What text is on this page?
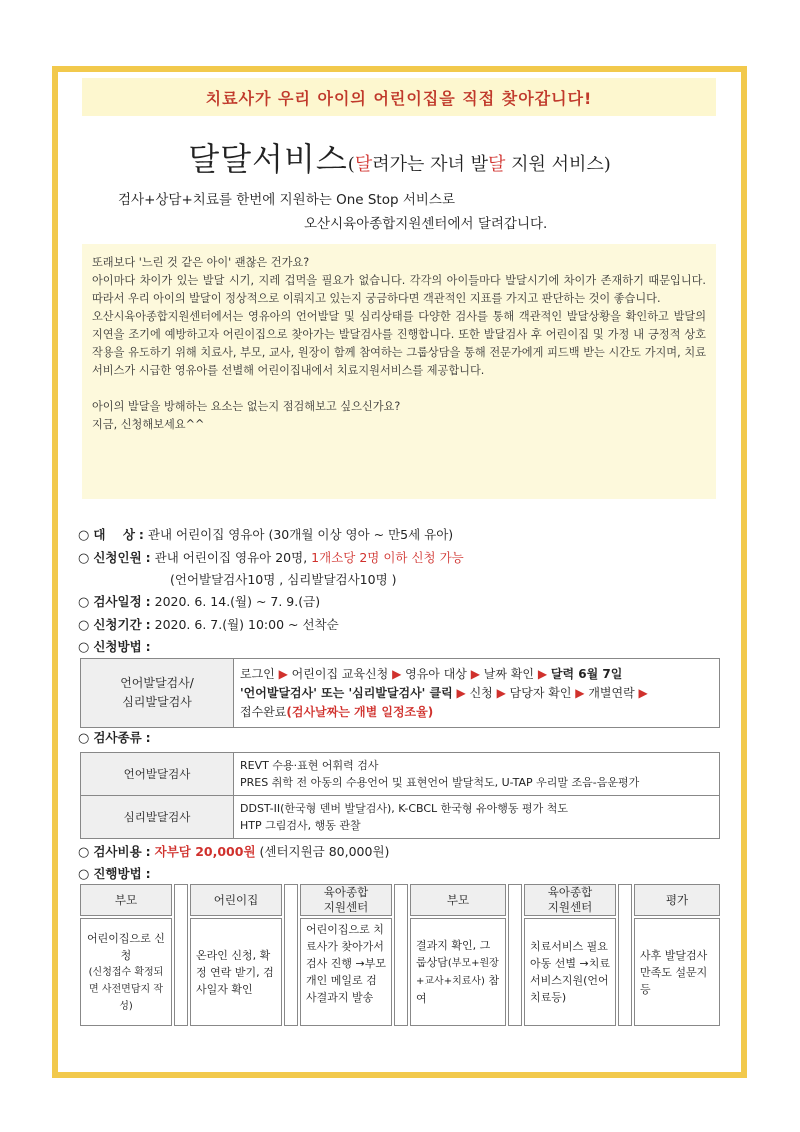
치료사가 우리 아이의 어린이집을 직접 찾아갑니다!
달달서비스(달려가는 자녀 발달 지원 서비스)
검사+상담+치료를 한번에 지원하는 One Stop 서비스로
오산시육아종합지원센터에서 달려갑니다.

또래보다 '느린 것 같은 아이' 괜찮은 건가요?

아이마다 차이가 있는 발달 시기, 지레 겁먹을 필요가 없습니다. 각각의 아이들마다 발달시기에 차이가 존재하기 때문입니다. 따라서 우리 아이의 발달이 정상적으로 이뤄지고 있는지 궁금하다면 객관적인 지표를 가지고 판단하는 것이 좋습니다.

오산시육아종합지원센터에서는 영유아의 언어발달 및 심리상태를 다양한 검사를 통해 객관적인 발달상황을 확인하고 발달의 지연을 조기에 예방하고자 어린이집으로 찾아가는 발달검사를 진행합니다. 또한 발달검사 후 어린이집 및 가정 내 긍정적 상호작용을 유도하기 위해 치료사, 부모, 교사, 원장이 함께 참여하는 그룹상담을 통해 전문가에게 피드백 받는 시간도 가지며, 치료서비스가 시급한 영유아를 선별해 어린이집내에서 치료지원서비스를 제공합니다.

아이의 발달을 방해하는 요소는 없는지 점검해보고 싶으신가요?

지금, 신청해보세요^^

○ 대    상 : 관내 어린이집 영유아 (30개월 이상 영아 ~ 만5세 유아)
○ 신청인원 : 관내 어린이집 영유아 20명, 1개소당 2명 이하 신청 가능
(언어발달검사10명 , 심리발달검사10명 )
○ 검사일정 : 2020. 6. 14.(월) ~ 7. 9.(금)
○ 신청기간 : 2020. 6. 7.(월) 10:00 ~ 선착순
○ 신청방법 :
언어발달검사/
심리발달검사	로그인 ▶ 어린이집 교육신청 ▶ 영유아 대상 ▶ 날짜 확인 ▶ 달력 6월 7일
'언어발달검사' 또는 '심리발달검사' 클릭 ▶ 신청 ▶ 담당자 확인 ▶ 개별연락 ▶
접수완료(검사날짜는 개별 일정조율)
○ 검사종류 :
언어발달검사	REVT 수용·표현 어휘력 검사
PRES 취학 전 아동의 수용언어 및 표현언어 발달척도, U-TAP 우리말 조음-음운평가
심리발달검사	DDST-II(한국형 덴버 발달검사), K-CBCL 한국형 유아행동 평가 척도
HTP 그림검사, 행동 관찰
○ 검사비용 : 자부담 20,000원 (센터지원금 80,000원)
○ 진행방법 :
부모
어린이집으로 신청
(신청접수 확정되면 사전면담지 작성)
어린이집
온라인 신청, 확정 연락 받기, 검사일자 확인
육아종합
지원센터
어린이집으로 치료사가 찾아가서 검사 진행 →부모 개인 메일로 검사결과지 발송
부모
결과지 확인, 그룹상담(부모+원장+교사+치료사) 참여
육아종합
지원센터
치료서비스 필요 아동 선별 →치료서비스지원(언어치료등)
평가
사후 발달검사 만족도 설문지 등
